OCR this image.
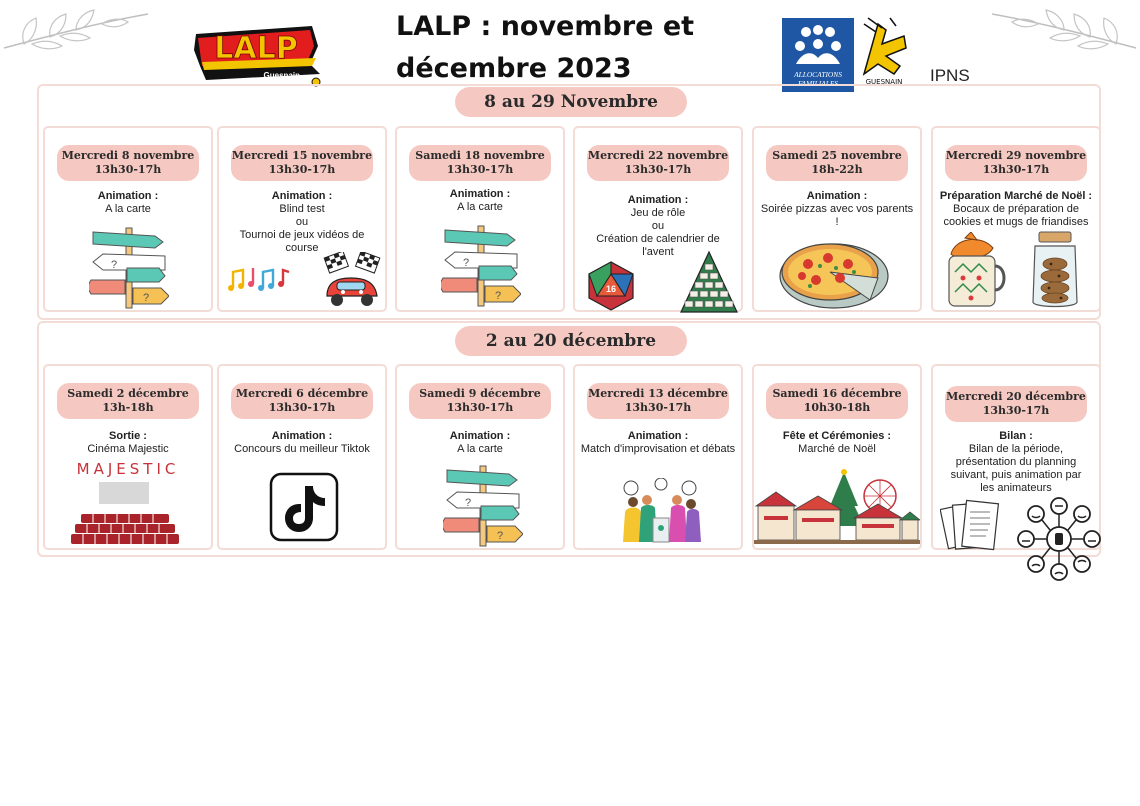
LALP
Guesnain
LALP : novembre et
décembre 2023	ALLOCATIONS
FAMILIALES	GUESNAIN IPNS
8 au 29 Novembre
Mercredi 8 novembre
13h30-17h
Animation :
A la carte
?
?
Mercredi 15 novembre
13h30-17h
Animation :
Blind test
ou
Tournoi de jeux vidéos de course
Samedi 18 novembre
13h30-17h
Animation :
A la carte
?
?
Mercredi 22 novembre
13h30-17h
Animation :
Jeu de rôle
ou
Création de calendrier de l'avent
16
Samedi 25 novembre
18h-22h
Animation :
Soirée pizzas avec vos parents !
Mercredi 29 novembre
13h30-17h
Préparation Marché de Noël :
Bocaux de préparation de cookies et mugs de friandises
2 au 20 décembre
Samedi 2 décembre
13h-18h
Sortie :
Cinéma Majestic
MAJESTIC
Mercredi 6 décembre
13h30-17h
Animation :
Concours du meilleur Tiktok
Samedi 9 décembre
13h30-17h
Animation :
A la carte
?
?
Mercredi 13 décembre
13h30-17h
Animation :
Match d'improvisation et débats
Samedi 16 décembre
10h30-18h
Fête et Cérémonies :
Marché de Noël
Mercredi 20 décembre
13h30-17h
Bilan :
Bilan de la période, présentation du planning suivant, puis animation par les animateurs
